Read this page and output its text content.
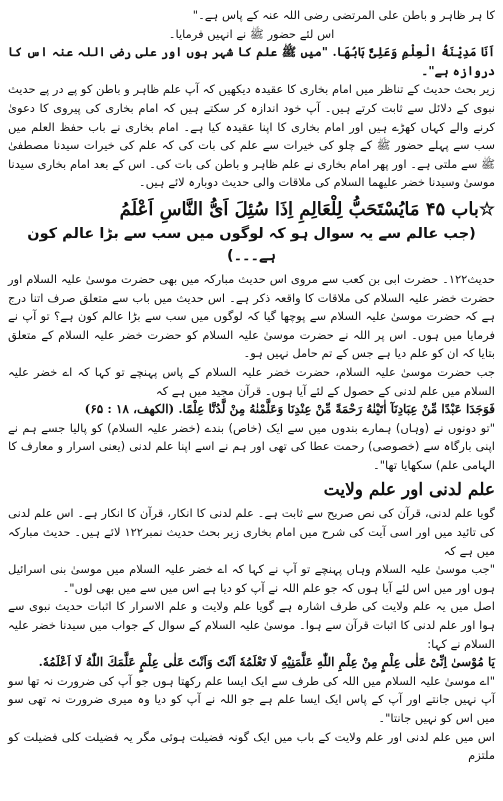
کا ہر ظاہر و باطن علی المرتضی رضی اللہ عنہ کے پاس ہے۔"

اس لئے حضور ﷺ نے انہیں فرمایا۔

اَنَا مَدِیْنَةُ الْعِلْمِ وَعَلِیٌّ بَابُھَا. "میں ﷺ علم کا شہر ہوں اور علی رضی اللہ عنہ اس کا دروازہ ہے"۔

زیر بحث حدیث کے تناظر میں امام بخاری کا عقیدہ دیکھیں کہ آپ علم ظاہر و باطن کو پے در پے حدیث نبوی کے دلائل سے ثابت کرتے ہیں۔ آپ خود اندازہ کر سکتے ہیں کہ امام بخاری کی پیروی کا دعویٰ کرنے والے کہاں کھڑے ہیں اور امام بخاری کا اپنا عقیدہ کیا ہے۔ امام بخاری نے باب حفظ العلم میں سب سے پہلے حضور ﷺ کے چلو کی خیرات سے علم کی بات کی کہ علم کی خیرات سیدنا مصطفیٰ ﷺ سے ملتی ہے۔ اور پھر امام بخاری نے علم ظاہر و باطن کی بات کی۔ اس کے بعد امام بخاری سیدنا موسیٰ وسیدنا خضر علیھما السلام کی ملاقات والی حدیث دوبارہ لائے ہیں۔

☆باب ۴۵ مَایُسْتَحَبُّ لِلْعَالِمِ اِذَا سُئِلَ اَیُّ النَّاسِ اَعْلَمُ
(جب عالم سے یہ سوال ہو کہ لوگوں میں سب سے بڑا عالم کون ہے۔۔۔)

حدیث۱۲۲۔ حضرت ابی بن کعب سے مروی اس حدیث مبارکہ میں بھی حضرت موسیٰ علیہ السلام اور حضرت خضر علیہ السلام کی ملاقات کا واقعہ ذکر ہے۔ اس حدیث میں باب سے متعلق صرف اتنا درج ہے کہ حضرت موسیٰ علیہ السلام سے پوچھا گیا کہ لوگوں میں سب سے بڑا عالم کون ہے؟ تو آپ نے فرمایا میں ہوں۔ اس پر اللہ نے حضرت موسیٰ علیہ السلام کو حضرت خضر علیہ السلام کے متعلق بتایا کہ ان کو علم دیا ہے جس کے تم حامل نہیں ہو۔

جب حضرت موسیٰ علیہ السلام، حضرت خضر علیہ السلام کے پاس پہنچے تو کہا کہ اے خضر علیہ السلام میں علم لدنی کے حصول کے لئے آیا ہوں۔ قرآن مجید میں ہے کہ

فَوَجَدَا عَبْدًا مِّنْ عِبَادِنَآ اٰتَیْنٰهُ رَحْمَةً مِّنْ عِنْدِنَا وَعَلَّمْنٰهُ مِنْ لَّدُنَّا عِلْمًا. (الکھف، ۱۸ : ۶۵)

"تو دونوں نے (وہاں) ہمارے بندوں میں سے ایک (خاص) بندے (خضر علیہ السلام) کو پالیا جسے ہم نے اپنی بارگاہ سے (خصوصی) رحمت عطا کی تھی اور ہم نے اسے اپنا علم لدنی (یعنی اسرار و معارف کا الہامی علم) سکھایا تھا"۔

علم لدنی اور علم ولایت

گویا علم لدنی، قرآن کی نص صریح سے ثابت ہے۔ علم لدنی کا انکار، قرآن کا انکار ہے۔ اس علم لدنی کی تائید میں اور اسی آیت کی شرح میں امام بخاری زیر بحث حدیث نمبر۱۲۲ لائے ہیں۔ حدیث مبارکہ میں ہے کہ

"جب موسیٰ علیہ السلام وہاں پہنچے تو آپ نے کہا کہ اے خضر علیہ السلام میں موسیٰ بنی اسرائیل ہوں اور میں اس لئے آیا ہوں کہ جو علم اللہ نے آپ کو دیا ہے اس میں سے میں بھی لوں"۔

اصل میں یہ علم ولایت کی طرف اشارہ ہے گویا علم ولایت و علم الاسرار کا اثبات حدیث نبوی سے ہوا اور علم لدنی کا اثبات قرآن سے ہوا۔ موسیٰ علیہ السلام کے سوال کے جواب میں سیدنا خضر علیہ السلام نے کہا:

یَا مُوْسیٰ اِنِّیْ عَلٰی عِلْمٍ مِنْ عِلْمِ اللّٰهِ عَلَّمَنِیْهِ لَا تَعْلَمُهٗ اَنْتَ وَاَنْتَ عَلٰی عِلْمٍ عَلَّمَكَ اللّٰهُ لَا اَعْلَمُهٗ.

"اے موسیٰ علیہ السلام میں اللہ کی طرف سے ایک ایسا علم رکھتا ہوں جو آپ کی ضرورت نہ تھا سو آپ نہیں جانتے اور آپ کے پاس ایک ایسا علم ہے جو اللہ نے آپ کو دیا وہ میری ضرورت نہ تھی سو میں اس کو نہیں جانتا"۔

اس میں علم لدنی اور علم ولایت کے باب میں ایک گونہ فضیلت ہوئی مگر یہ فضیلت کلی فضیلت کو ملتزم
